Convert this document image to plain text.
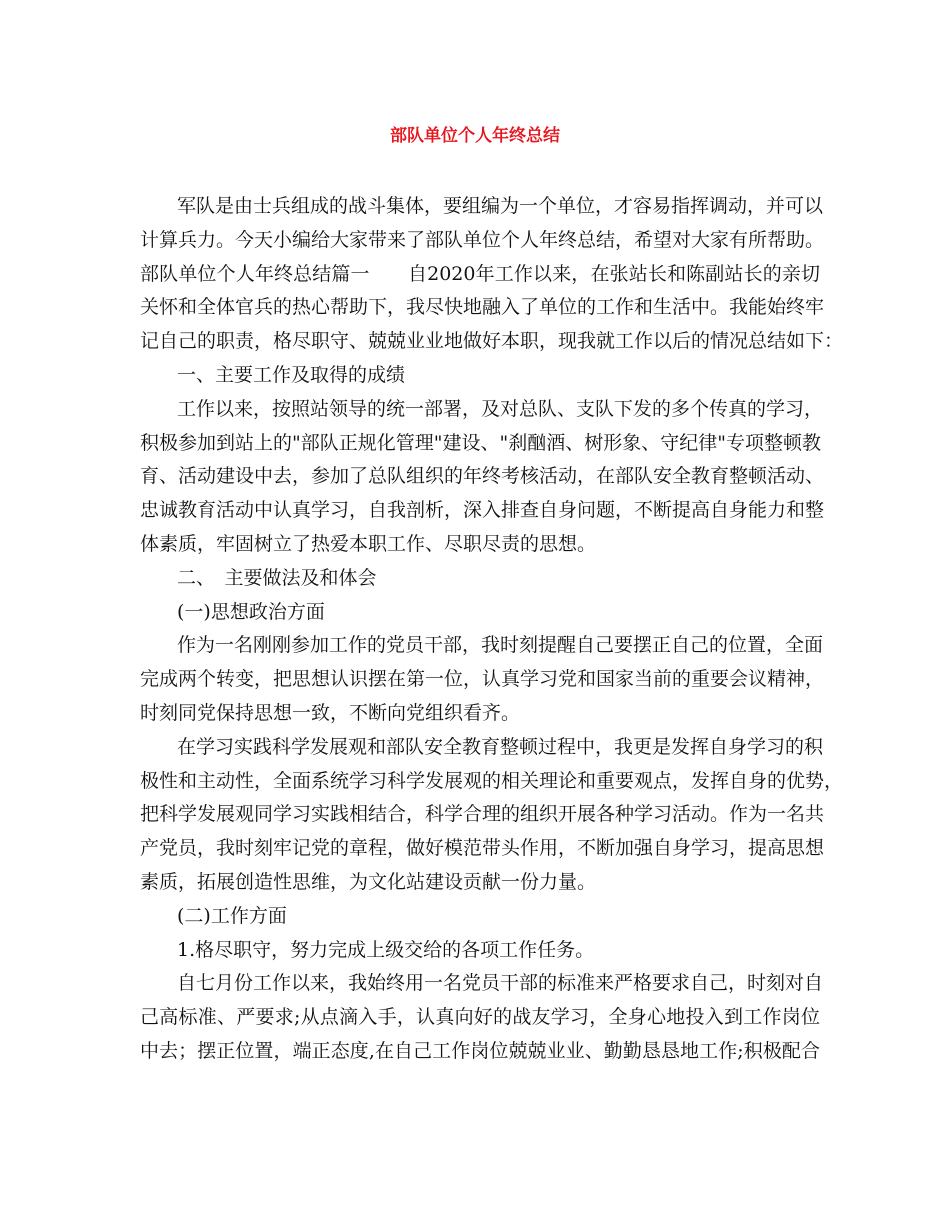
部队单位个人年终总结
军队是由士兵组成的战斗集体，要组编为一个单位，才容易指挥调动，并可以
计算兵力。今天小编给大家带来了部队单位个人年终总结，希望对大家有所帮助。
部队单位个人年终总结篇一　　自2020年工作以来，在张站长和陈副站长的亲切
关怀和全体官兵的热心帮助下，我尽快地融入了单位的工作和生活中。我能始终牢
记自己的职责，格尽职守、兢兢业业地做好本职，现我就工作以后的情况总结如下：
一、主要工作及取得的成绩
工作以来，按照站领导的统一部署，及对总队、支队下发的多个传真的学习，
积极参加到站上的"部队正规化管理"建设、"刹酗酒、树形象、守纪律"专项整顿教
育、活动建设中去，参加了总队组织的年终考核活动，在部队安全教育整顿活动、
忠诚教育活动中认真学习，自我剖析，深入排查自身问题，不断提高自身能力和整
体素质，牢固树立了热爱本职工作、尽职尽责的思想。
二、　主要做法及和体会
(一)思想政治方面
作为一名刚刚参加工作的党员干部，我时刻提醒自己要摆正自己的位置，全面
完成两个转变，把思想认识摆在第一位，认真学习党和国家当前的重要会议精神，
时刻同党保持思想一致，不断向党组织看齐。
在学习实践科学发展观和部队安全教育整顿过程中，我更是发挥自身学习的积
极性和主动性，全面系统学习科学发展观的相关理论和重要观点，发挥自身的优势，
把科学发展观同学习实践相结合，科学合理的组织开展各种学习活动。作为一名共
产党员，我时刻牢记党的章程，做好模范带头作用，不断加强自身学习，提高思想
素质，拓展创造性思维，为文化站建设贡献一份力量。
(二)工作方面
1.格尽职守，努力完成上级交给的各项工作任务。
自七月份工作以来，我始终用一名党员干部的标准来严格要求自己，时刻对自
己高标准、严要求;从点滴入手，认真向好的战友学习，全身心地投入到工作岗位
中去；摆正位置，端正态度,在自己工作岗位兢兢业业、勤勤恳恳地工作;积极配合
